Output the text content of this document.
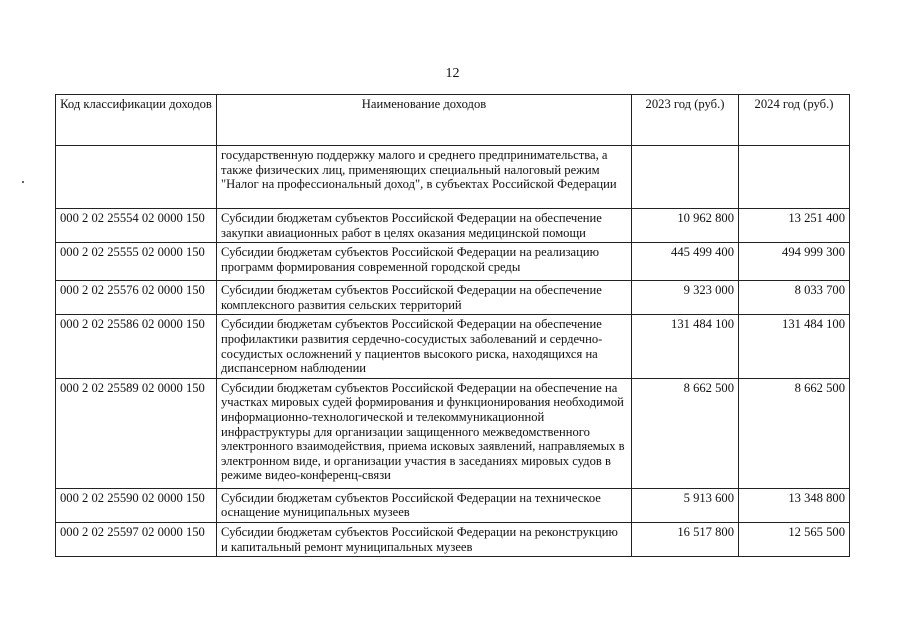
12
Код классификации доходов	Наименование доходов	2023 год (руб.)	2024 год (руб.)
	государственную поддержку малого и среднего предпринимательства, а также физических лиц, применяющих специальный налоговый режим "Налог на профессиональный доход", в субъектах Российской Федерации		
000 2 02 25554 02 0000 150	Субсидии бюджетам субъектов Российской Федерации на обеспечение закупки авиационных работ в целях оказания медицинской помощи	10 962 800	13 251 400
000 2 02 25555 02 0000 150	Субсидии бюджетам субъектов Российской Федерации на реализацию программ формирования современной городской среды	445 499 400	494 999 300
000 2 02 25576 02 0000 150	Субсидии бюджетам субъектов Российской Федерации на обеспечение комплексного развития сельских территорий	9 323 000	8 033 700
000 2 02 25586 02 0000 150	Субсидии бюджетам субъектов Российской Федерации на обеспечение профилактики развития сердечно-сосудистых заболеваний и сердечно-сосудистых осложнений у пациентов высокого риска, находящихся на диспансерном наблюдении	131 484 100	131 484 100
000 2 02 25589 02 0000 150	Субсидии бюджетам субъектов Российской Федерации на обеспечение на участках мировых судей формирования и функционирования необходимой информационно-технологической и телекоммуникационной инфраструктуры для организации защищенного межведомственного электронного взаимодействия, приема исковых заявлений, направляемых в электронном виде, и организации участия в заседаниях мировых судов в режиме видео-конференц-связи	8 662 500	8 662 500
000 2 02 25590 02 0000 150	Субсидии бюджетам субъектов Российской Федерации на техническое оснащение муниципальных музеев	5 913 600	13 348 800
000 2 02 25597 02 0000 150	Субсидии бюджетам субъектов Российской Федерации на реконструкцию и капитальный ремонт муниципальных музеев	16 517 800	12 565 500
